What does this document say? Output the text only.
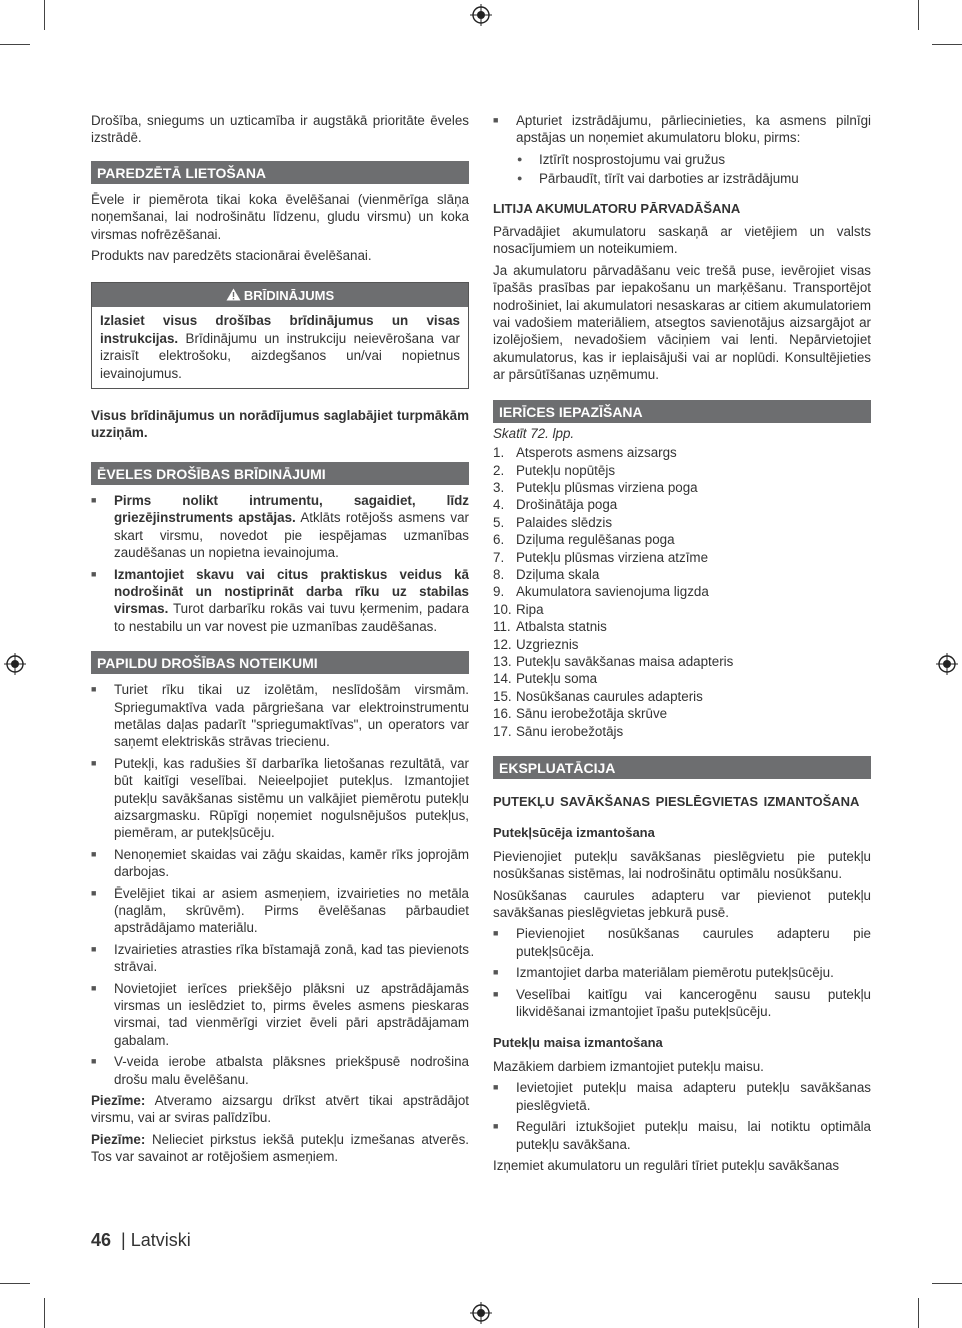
Drošība, sniegums un uzticamība ir augstākā prioritāte ēveles izstrādē.

PAREDZĒTĀ LIETOŠANA

Ēvele ir piemērota tikai koka ēvelēšanai (vienmērīga slāņa noņemšanai, lai nodrošinātu līdzenu, gludu virsmu) un koka virsmas nofrēzēšanai.

Produkts nav paredzēts stacionārai ēvelēšanai.

BRĪDINĀJUMS
Izlasiet visus drošības brīdinājumus un visas instrukcijas. Brīdinājumu un instrukciju neievērošana var izraisīt elektrošoku, aizdegšanos un/vai nopietnus ievainojumus.

Visus brīdinājumus un norādījumus saglabājiet turpmākām uzziņām.

ĒVELES DROŠĪBAS BRĪDINĀJUMI
■ Pirms nolikt intrumentu, sagaidiet, līdz griezējinstruments apstājas. Atklāts rotējošs asmens var skart virsmu, novedot pie iespējamas uzmanības zaudēšanas un nopietna ievainojuma.
■ Izmantojiet skavu vai citus praktiskus veidus kā nodrošināt un nostiprināt darba rīku uz stabilas virsmas. Turot darbarīku rokās vai tuvu ķermenim, padara to nestabilu un var novest pie uzmanības zaudēšanas.
PAPILDU DROŠĪBAS NOTEIKUMI
■ Turiet rīku tikai uz izolētām, neslīdošām virsmām. Spriegumaktīva vada pārgriešana var elektroinstrumentu metālas daļas padarīt "spriegumaktīvas", un operators var saņemt elektriskās strāvas triecienu.
■ Putekļi, kas radušies šī darbarīka lietošanas rezultātā, var būt kaitīgi veselībai. Neieelpojiet putekļus. Izmantojiet putekļu savākšanas sistēmu un valkājiet piemērotu putekļu aizsargmasku. Rūpīgi noņemiet nogulsnējušos putekļus, piemēram, ar putekļsūcēju.
■ Nenoņemiet skaidas vai zāģu skaidas, kamēr rīks joprojām darbojas.
■ Ēvelējiet tikai ar asiem asmeņiem, izvairieties no metāla (naglām, skrūvēm). Pirms ēvelēšanas pārbaudiet apstrādājamo materiālu.
■ Izvairieties atrasties rīka bīstamajā zonā, kad tas pievienots strāvai.
■ Novietojiet ierīces priekšējo plāksni uz apstrādājamās virsmas un ieslēdziet to, pirms ēveles asmens pieskaras virsmai, tad vienmērīgi virziet ēveli pāri apstrādājamam gabalam.
■ V-veida ierobe atbalsta plāksnes priekšpusē nodrošina drošu malu ēvelēšanu.

Piezīme: Atveramo aizsargu drīkst atvērt tikai apstrādājot virsmu, vai ar sviras palīdzību.

Piezīme: Nelieciet pirkstus iekšā putekļu izmešanas atverēs. Tos var savainot ar rotējošiem asmeņiem.

■ Apturiet izstrādājumu, pārliecinieties, ka asmens pilnīgi apstājas un noņemiet akumulatoru bloku, pirms:
● Iztīrīt nosprostojumu vai gružus
● Pārbaudīt, tīrīt vai darboties ar izstrādājumu
LITIJA AKUMULATORU PĀRVADĀŠANA

Pārvadājiet akumulatoru saskaņā ar vietējiem un valsts nosacījumiem un noteikumiem.

Ja akumulatoru pārvadāšanu veic trešā puse, ievērojiet visas īpašās prasības par iepakošanu un marķēšanu. Transportējot nodrošiniet, lai akumulatori nesaskaras ar citiem akumulatoriem vai vadošiem materiāliem, atsegtos savienotājus aizsargājot ar izolējošiem, nevadošiem vāciņiem vai lenti. Nepārvietojiet akumulatorus, kas ir ieplaisājuši vai ar noplūdi. Konsultējieties ar pārsūtīšanas uzņēmumu.

IERĪCES IEPAZĪŠANA

Skatīt 72. lpp.

1. Atsperots asmens aizsargs
2. Putekļu nopūtējs
3. Putekļu plūsmas virziena poga
4. Drošinātāja poga
5. Palaides slēdzis
6. Dziļuma regulēšanas poga
7. Putekļu plūsmas virziena atzīme
8. Dziļuma skala
9. Akumulatora savienojuma ligzda
10. Ripa
11. Atbalsta statnis
12. Uzgrieznis
13. Putekļu savākšanas maisa adapteris
14. Putekļu soma
15. Nosūkšanas caurules adapteris
16. Sānu ierobežotāja skrūve
17. Sānu ierobežotājs
EKSPLUATĀCIJA
PUTEKĻU SAVĀKŠANAS PIESLĒGVIETAS IZMANTOŠANA
Putekļsūcēja izmantošana

Pievienojiet putekļu savākšanas pieslēgvietu pie putekļu nosūkšanas sistēmas, lai nodrošinātu optimālu nosūkšanu.

Nosūkšanas caurules adapteru var pievienot putekļu savākšanas pieslēgvietas jebkurā pusē.

■ Pievienojiet nosūkšanas caurules adapteru pie putekļsūcēja.
■ Izmantojiet darba materiālam piemērotu putekļsūcēju.
■ Veselībai kaitīgu vai kancerogēnu sausu putekļu likvidēšanai izmantojiet īpašu putekļsūcēju.
Putekļu maisa izmantošana

Mazākiem darbiem izmantojiet putekļu maisu.

■ Ievietojiet putekļu maisa adapteru putekļu savākšanas pieslēgvietā.
■ Regulāri iztukšojiet putekļu maisu, lai notiktu optimāla putekļu savākšana.

Izņemiet akumulatoru un regulāri tīriet putekļu savākšanas

46 | Latviski
